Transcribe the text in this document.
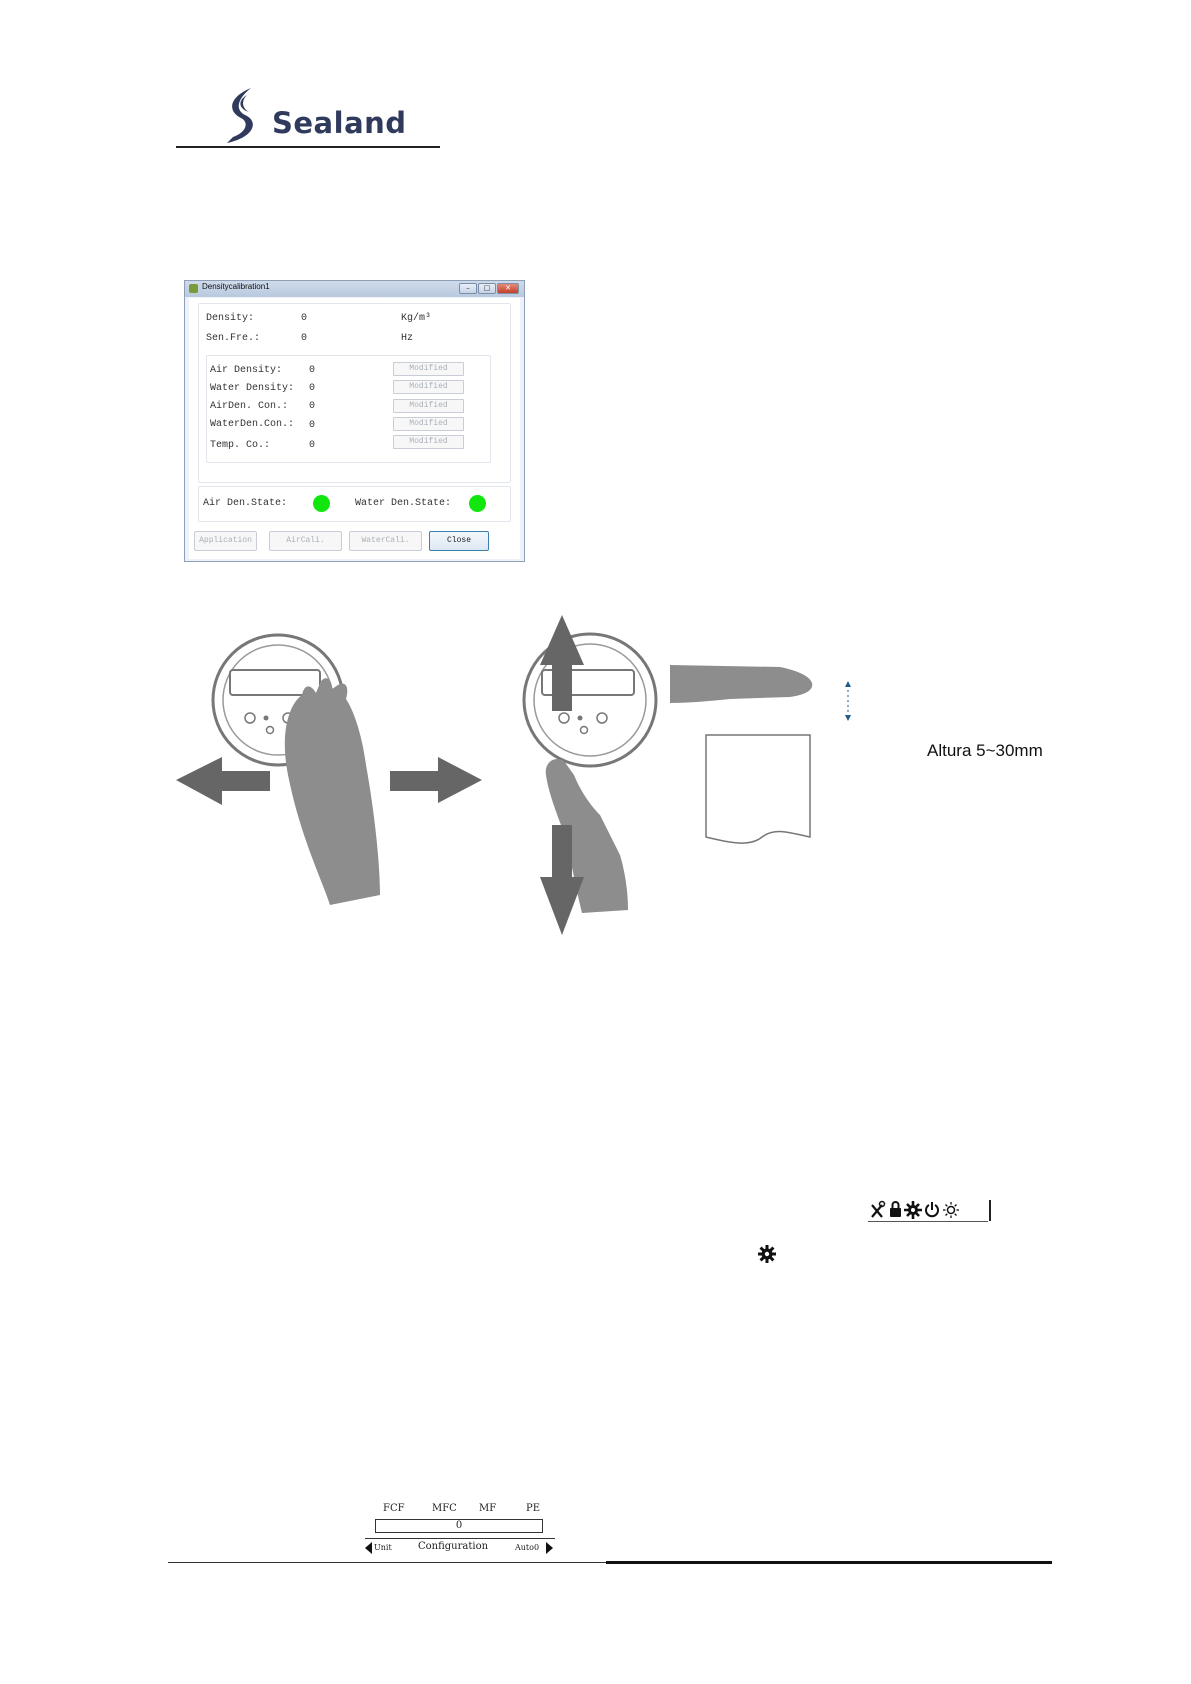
Sealand
Densitycalibration1	–	□	✕
Density:	0	Kg/m³
Sen.Fre.:	0	Hz
Air Density:	0	Modified
Water Density: 0	Modified
AirDen. Con.: 0	Modified
WaterDen.Con.: 0	Modified
Temp. Co.:	0	Modified
Air Den.State:	Water Den.State:
Application	AirCali.	WaterCali.	Close
Altura 5~30mm
FCF	MFC MF	PE
0
Unit	Configuration	Auto0
